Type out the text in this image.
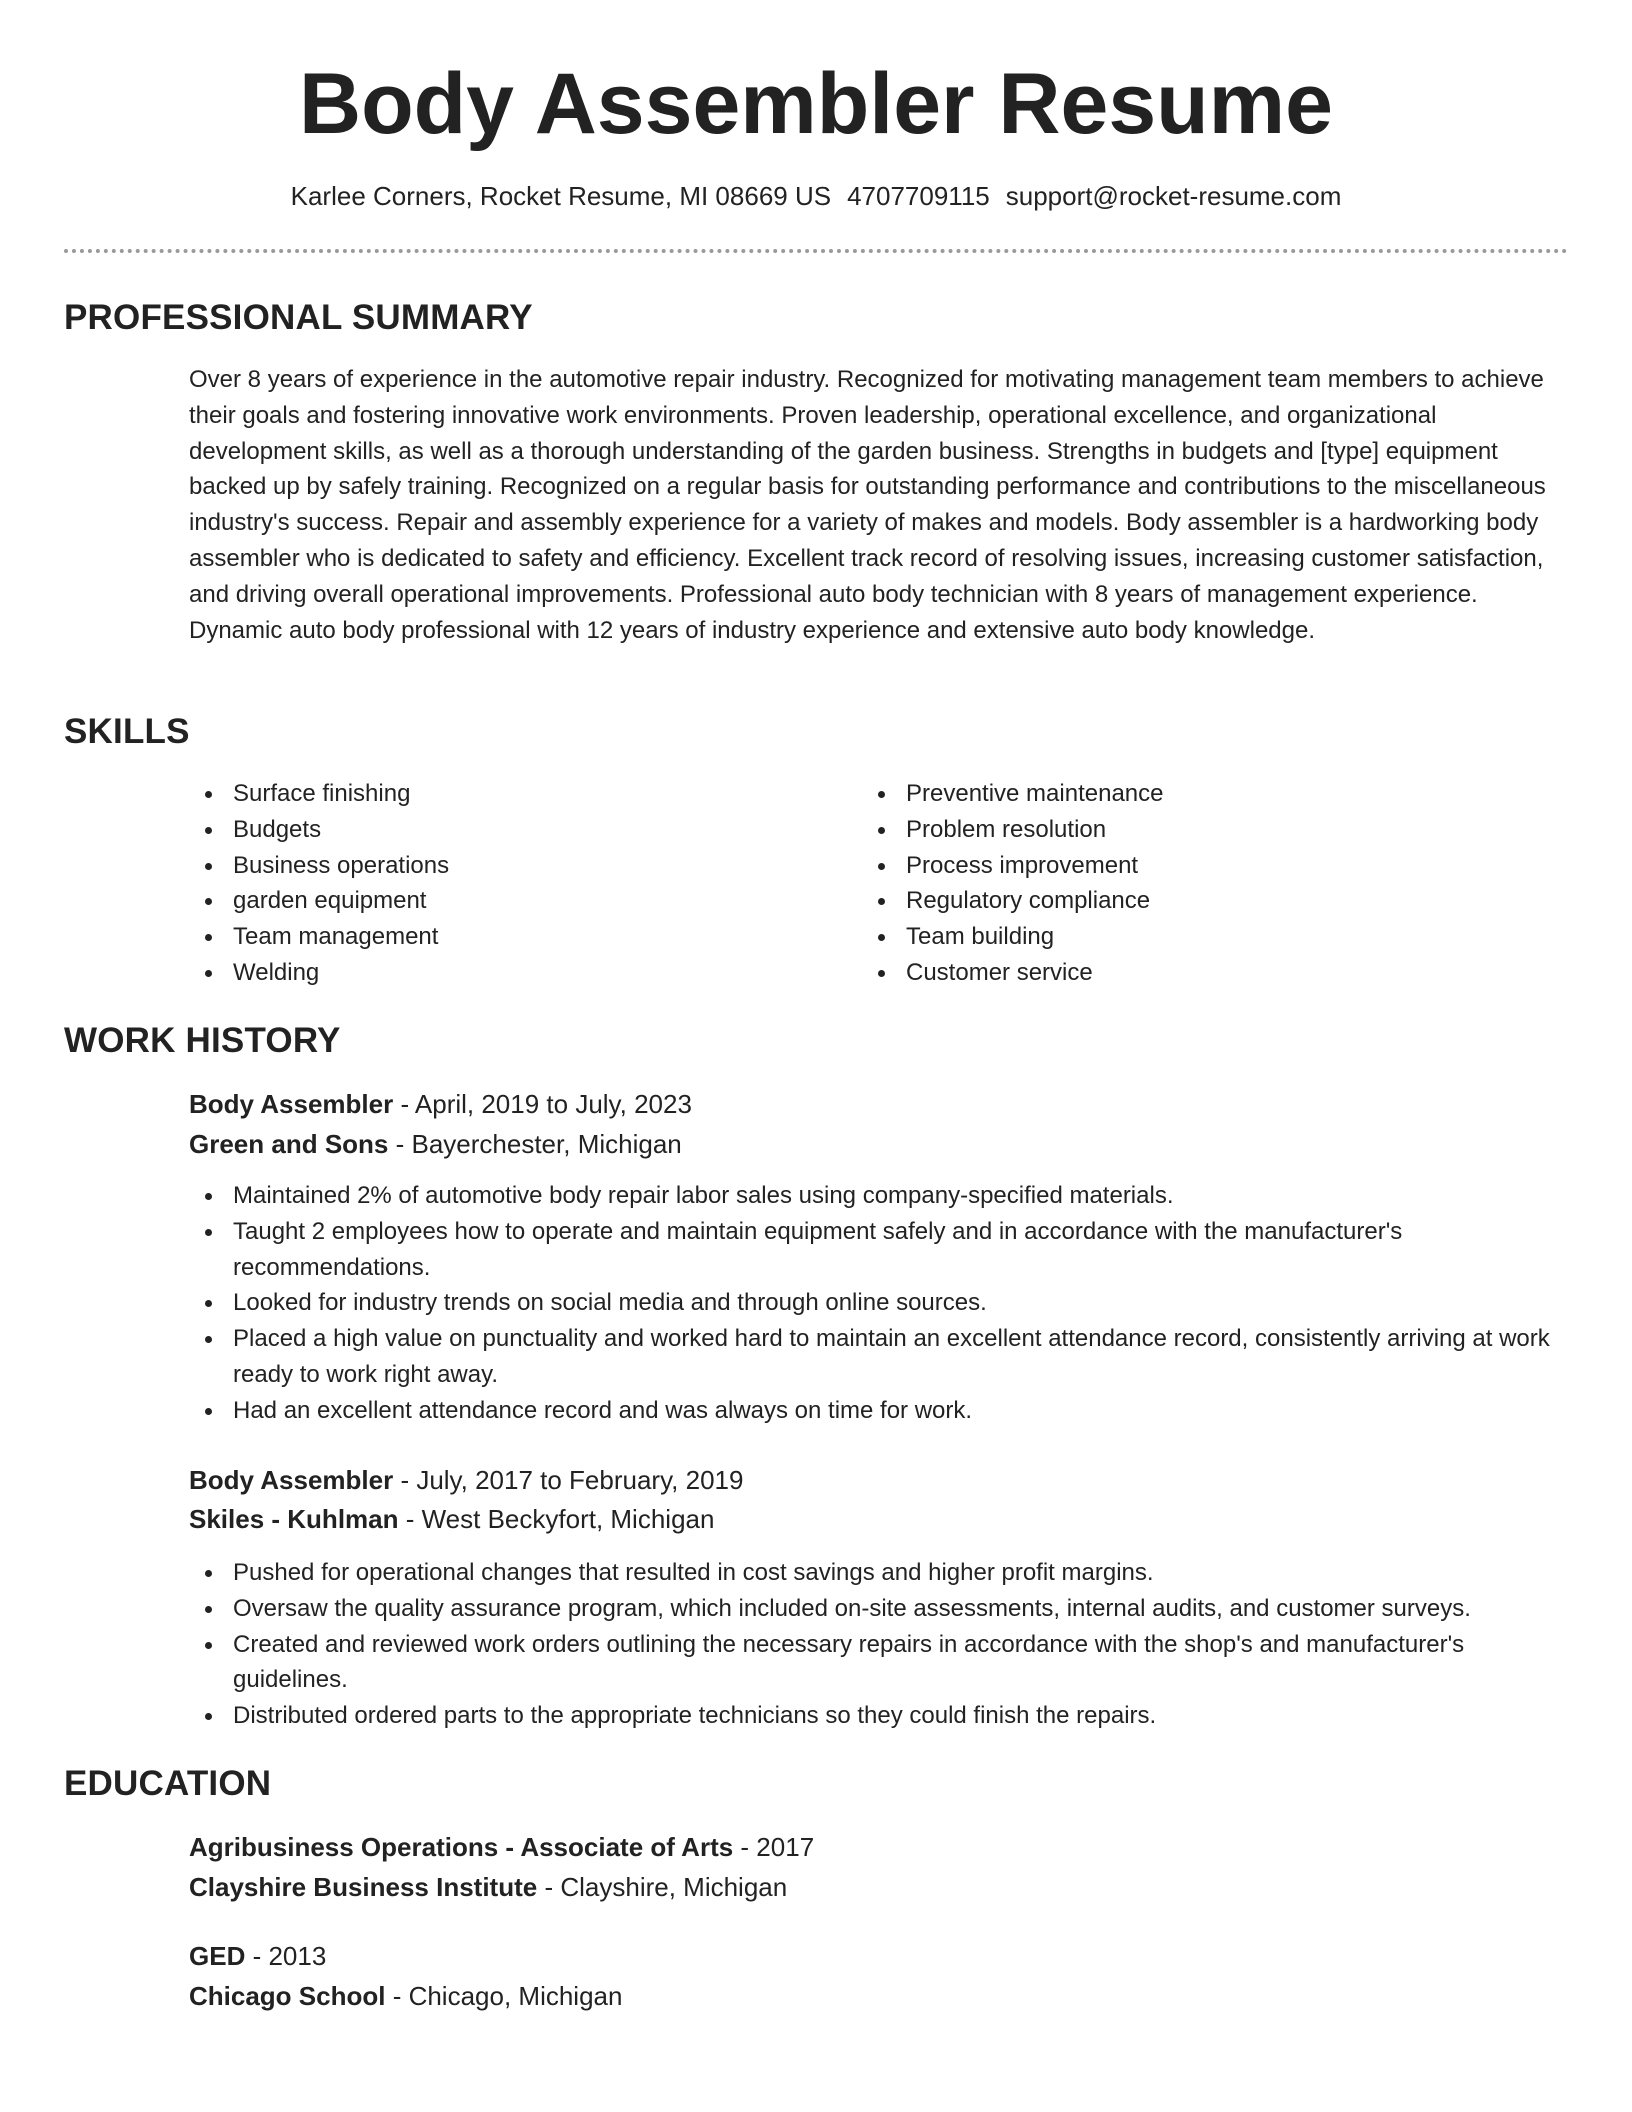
Body Assembler Resume
Karlee Corners, Rocket Resume, MI 08669 US 4707709115 support@rocket-resume.com
PROFESSIONAL SUMMARY

Over 8 years of experience in the automotive repair industry. Recognized for motivating management team members to achieve their goals and fostering innovative work environments. Proven leadership, operational excellence, and organizational development skills, as well as a thorough understanding of the garden business. Strengths in budgets and [type] equipment backed up by safely training. Recognized on a regular basis for outstanding performance and contributions to the miscellaneous industry's success. Repair and assembly experience for a variety of makes and models. Body assembler is a hardworking body assembler who is dedicated to safety and efficiency. Excellent track record of resolving issues, increasing customer satisfaction, and driving overall operational improvements. Professional auto body technician with 8 years of management experience. Dynamic auto body professional with 12 years of industry experience and extensive auto body knowledge.

SKILLS
Surface finishing
Budgets
Business operations
garden equipment
Team management
Welding
Preventive maintenance
Problem resolution
Process improvement
Regulatory compliance
Team building
Customer service
WORK HISTORY
Body Assembler - April, 2019 to July, 2023
Green and Sons - Bayerchester, Michigan
Maintained 2% of automotive body repair labor sales using company-specified materials.
Taught 2 employees how to operate and maintain equipment safely and in accordance with the manufacturer's recommendations.
Looked for industry trends on social media and through online sources.
Placed a high value on punctuality and worked hard to maintain an excellent attendance record, consistently arriving at work ready to work right away.
Had an excellent attendance record and was always on time for work.
Body Assembler - July, 2017 to February, 2019
Skiles - Kuhlman - West Beckyfort, Michigan
Pushed for operational changes that resulted in cost savings and higher profit margins.
Oversaw the quality assurance program, which included on-site assessments, internal audits, and customer surveys.
Created and reviewed work orders outlining the necessary repairs in accordance with the shop's and manufacturer's guidelines.
Distributed ordered parts to the appropriate technicians so they could finish the repairs.
EDUCATION
Agribusiness Operations - Associate of Arts - 2017
Clayshire Business Institute - Clayshire, Michigan
GED - 2013
Chicago School - Chicago, Michigan
